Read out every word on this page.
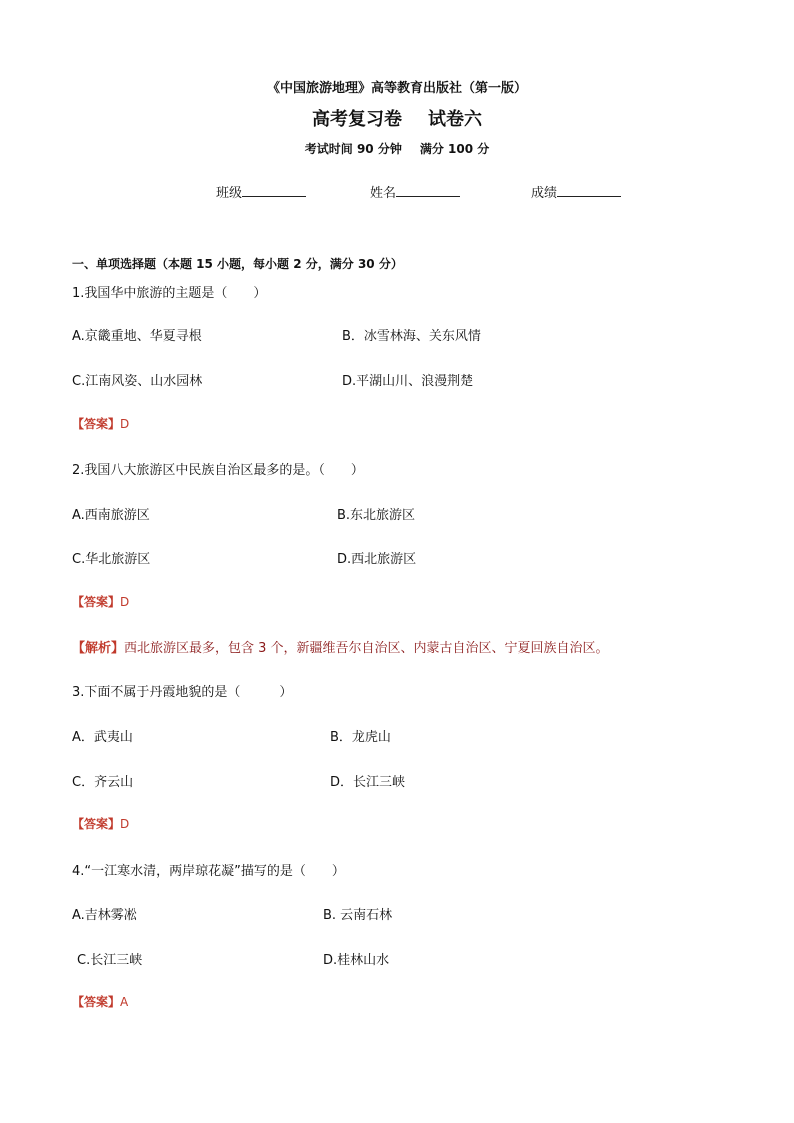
《中国旅游地理》高等教育出版社（第一版）
高考复习卷 试卷六
考试时间 90 分钟 满分 100 分
班级	姓名	成绩
一、单项选择题（本题 15 小题，每小题 2 分，满分 30 分）
1.我国华中旅游的主题是（　　）
A.京畿重地、华夏寻根	B．冰雪林海、关东风情
C.江南风姿、山水园林	D.平湖山川、浪漫荆楚
【答案】D
2.我国八大旅游区中民族自治区最多的是。（　　）
A.西南旅游区	B.东北旅游区
C.华北旅游区	D.西北旅游区
【答案】D
【解析】西北旅游区最多，包含 3 个，新疆维吾尔自治区、内蒙古自治区、宁夏回族自治区。
3.下面不属于丹霞地貌的是（　　　）
A．武夷山	B．龙虎山
C．齐云山	D．长江三峡
【答案】D
4.“一江寒水清，两岸琼花凝”描写的是（　　）
A.吉林雾凇	B. 云南石林
C.长江三峡	D.桂林山水
【答案】A
